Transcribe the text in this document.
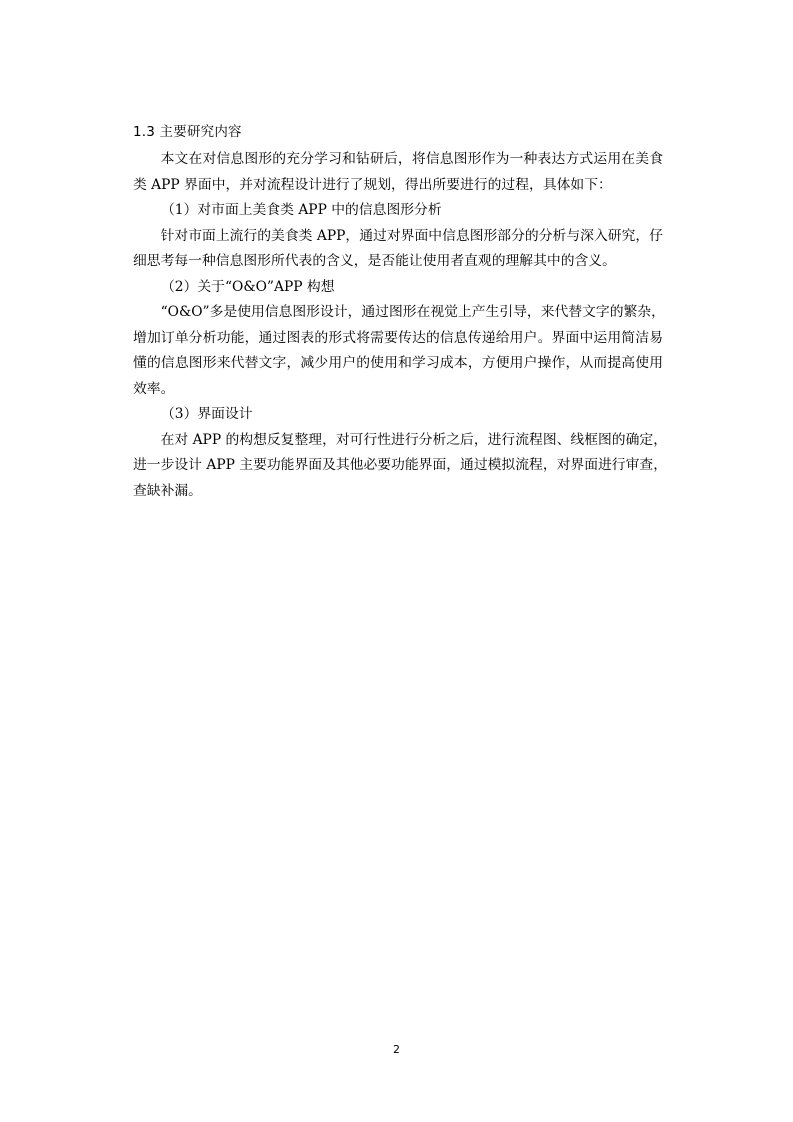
1.3 主要研究内容
本文在对信息图形的充分学习和钻研后，将信息图形作为一种表达方式运用在美食
类 APP 界面中，并对流程设计进行了规划，得出所要进行的过程，具体如下：
（1）对市面上美食类 APP 中的信息图形分析
针对市面上流行的美食类 APP，通过对界面中信息图形部分的分析与深入研究，仔
细思考每一种信息图形所代表的含义，是否能让使用者直观的理解其中的含义。
（2）关于“O&O”APP 构想
“O&O”多是使用信息图形设计，通过图形在视觉上产生引导，来代替文字的繁杂，
增加订单分析功能，通过图表的形式将需要传达的信息传递给用户。界面中运用简洁易
懂的信息图形来代替文字，减少用户的使用和学习成本，方便用户操作，从而提高使用
效率。
（3）界面设计
在对 APP 的构想反复整理，对可行性进行分析之后，进行流程图、线框图的确定，
进一步设计 APP 主要功能界面及其他必要功能界面，通过模拟流程，对界面进行审查，
查缺补漏。
2
